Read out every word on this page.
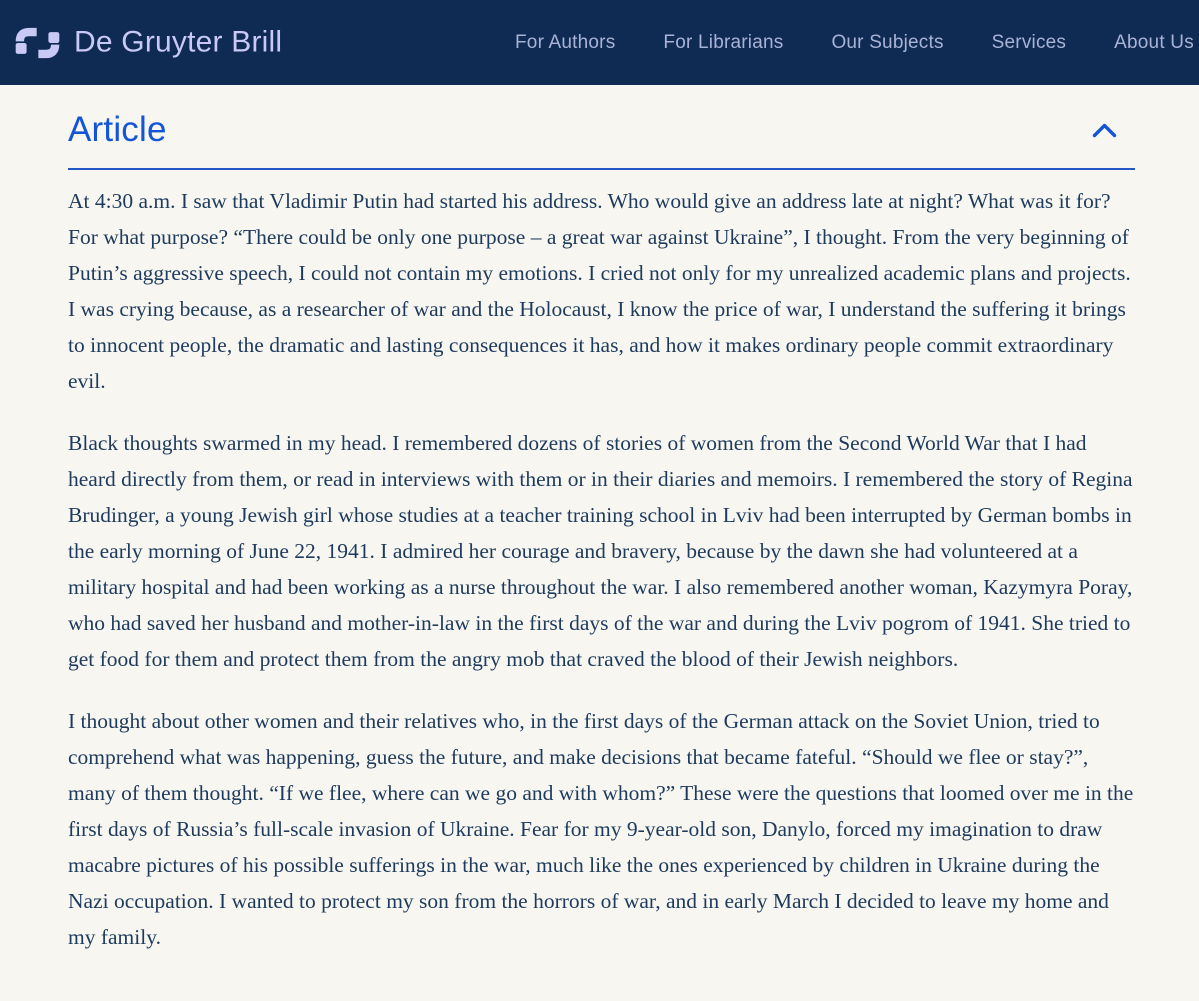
De Gruyter Brill	For Authors	For Librarians	Our Subjects	Services	About Us
Article

At 4:30 a.m. I saw that Vladimir Putin had started his address. Who would give an address late at night? What was it for? For what purpose? “There could be only one purpose – a great war against Ukraine”, I thought. From the very beginning of Putin’s aggressive speech, I could not contain my emotions. I cried not only for my unrealized academic plans and projects. I was crying because, as a researcher of war and the Holocaust, I know the price of war, I understand the suffering it brings to innocent people, the dramatic and lasting consequences it has, and how it makes ordinary people commit extraordinary evil.

Black thoughts swarmed in my head. I remembered dozens of stories of women from the Second World War that I had heard directly from them, or read in interviews with them or in their diaries and memoirs. I remembered the story of Regina Brudinger, a young Jewish girl whose studies at a teacher training school in Lviv had been interrupted by German bombs in the early morning of June 22, 1941. I admired her courage and bravery, because by the dawn she had volunteered at a military hospital and had been working as a nurse throughout the war. I also remembered another woman, Kazymyra Poray, who had saved her husband and mother-in-law in the first days of the war and during the Lviv pogrom of 1941. She tried to get food for them and protect them from the angry mob that craved the blood of their Jewish neighbors.

I thought about other women and their relatives who, in the first days of the German attack on the Soviet Union, tried to comprehend what was happening, guess the future, and make decisions that became fateful. “Should we flee or stay?”, many of them thought. “If we flee, where can we go and with whom?” These were the questions that loomed over me in the first days of Russia’s full-scale invasion of Ukraine. Fear for my 9-year-old son, Danylo, forced my imagination to draw macabre pictures of his possible sufferings in the war, much like the ones experienced by children in Ukraine during the Nazi occupation. I wanted to protect my son from the horrors of war, and in early March I decided to leave my home and my family.
